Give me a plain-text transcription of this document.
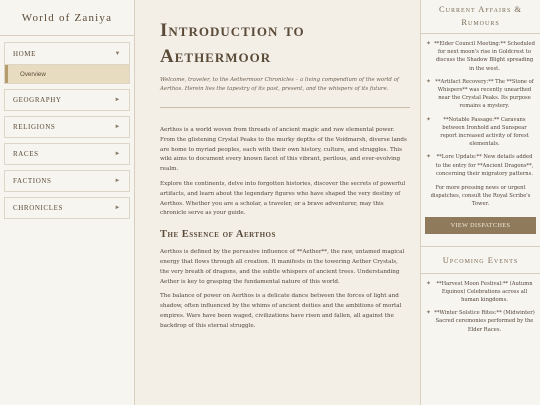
World of Zaniya
HOME	▼
Overview
GEOGRAPHY	►
RELIGIONS	►
RACES	►
FACTIONS	►
CHRONICLES	►
Introduction to
Aethermoor

Welcome, traveler, to the Aethermoor Chronicles – a living compendium of the world of Aerthos. Herein lies the tapestry of its past, present, and the whispers of its future.

Aerthos is a world woven from threads of ancient magic and raw elemental power. From the glistening Crystal Peaks to the murky depths of the Voidmarsh, diverse lands are home to myriad peoples, each with their own history, culture, and struggles. This wiki aims to document every known facet of this vibrant, perilous, and ever-evolving realm.

Explore the continents, delve into forgotten histories, discover the secrets of powerful artifacts, and learn about the legendary figures who have shaped the very destiny of Aerthos. Whether you are a scholar, a traveler, or a brave adventurer, may this chronicle serve as your guide.

The Essence of Aerthos

Aerthos is defined by the pervasive influence of **Aether**, the raw, untamed magical energy that flows through all creation. It manifests in the towering Aether Crystals, the very breath of dragons, and the subtle whispers of ancient trees. Understanding Aether is key to grasping the fundamental nature of this world.

The balance of power on Aerthos is a delicate dance between the forces of light and shadow, often influenced by the whims of ancient deities and the ambitions of mortal empires. Wars have been waged, civilizations have risen and fallen, all against the backdrop of this eternal struggle.

Current Affairs & Rumours
✦ **Elder Council Meeting:** Scheduled for next moon's rise in Goldcrest to discuss the Shadow Blight spreading in the west.
✦ **Artifact Recovery:** The **Stone of Whispers** was recently unearthed near the Crystal Peaks. Its purpose remains a mystery.
✦ **Notable Passage:** Caravans between Ironhold and Sunspear report increased activity of forest elementals.
✦ **Lore Update:** New details added to the entry for **Ancient Dragons**, concerning their migratory patterns.

For more pressing news or urgent dispatches, consult the Royal Scribe's Tower.

VIEW DISPATCHES
Upcoming Events
✦ **Harvest Moon Festival:** (Autumn Equinox) Celebrations across all human kingdoms.
✦ **Winter Solstice Rites:** (Midwinter) Sacred ceremonies performed by the Elder Races.
